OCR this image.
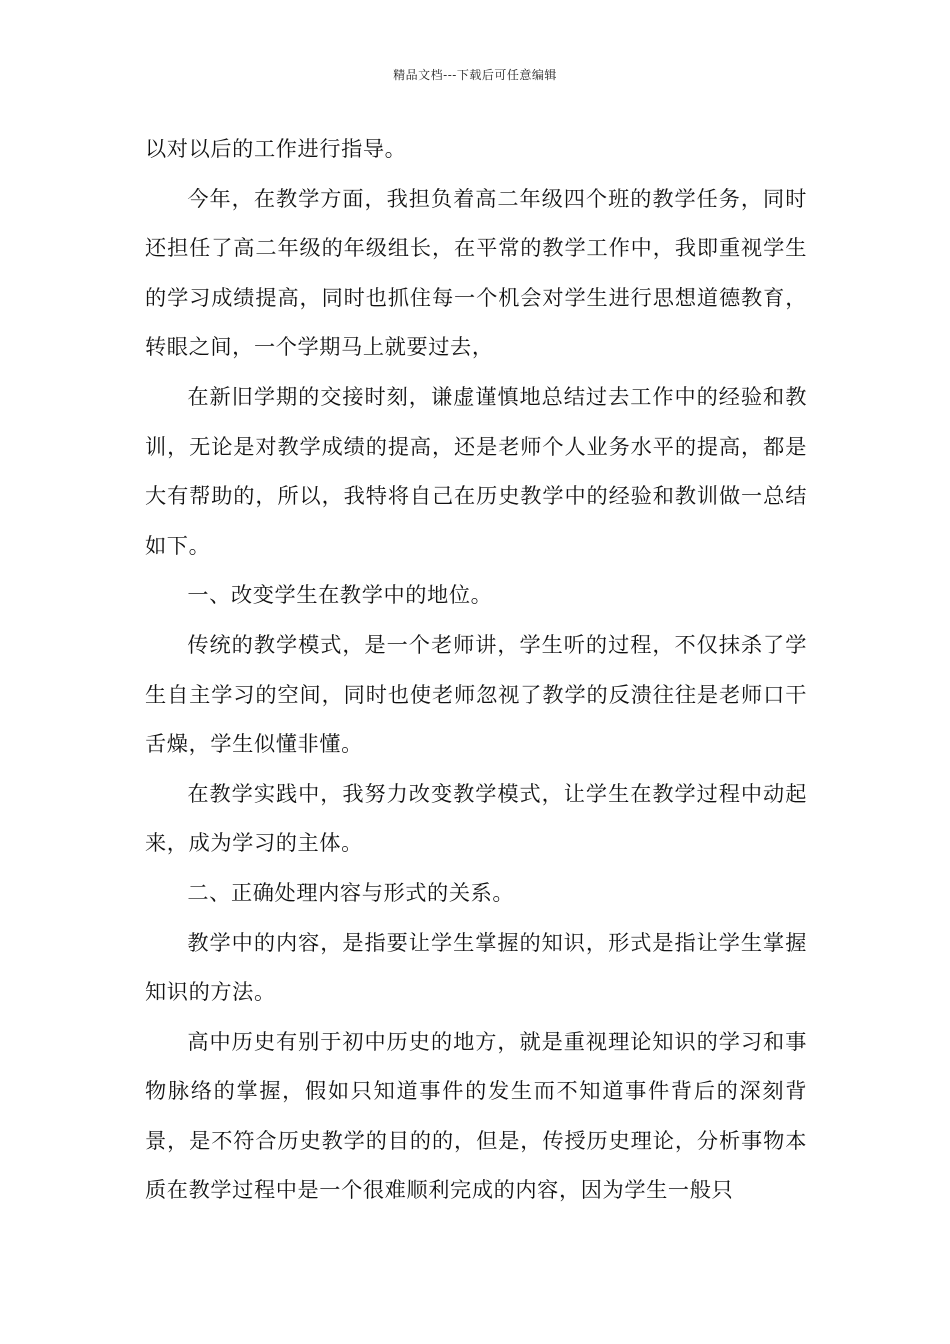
精品文档---下载后可任意编辑

以对以后的工作进行指导。

今年，在教学方面，我担负着高二年级四个班的教学任务，同时还担任了高二年级的年级组长，在平常的教学工作中，我即重视学生的学习成绩提高，同时也抓住每一个机会对学生进行思想道德教育，转眼之间，一个学期马上就要过去，

在新旧学期的交接时刻，谦虚谨慎地总结过去工作中的经验和教训，无论是对教学成绩的提高，还是老师个人业务水平的提高，都是大有帮助的，所以，我特将自己在历史教学中的经验和教训做一总结如下。

一、改变学生在教学中的地位。

传统的教学模式，是一个老师讲，学生听的过程，不仅抹杀了学生自主学习的空间，同时也使老师忽视了教学的反溃往往是老师口干舌燥，学生似懂非懂。

在教学实践中，我努力改变教学模式，让学生在教学过程中动起来，成为学习的主体。

二、正确处理内容与形式的关系。

教学中的内容，是指要让学生掌握的知识，形式是指让学生掌握知识的方法。

高中历史有别于初中历史的地方，就是重视理论知识的学习和事物脉络的掌握，假如只知道事件的发生而不知道事件背后的深刻背景，是不符合历史教学的目的的，但是，传授历史理论，分析事物本质在教学过程中是一个很难顺利完成的内容，因为学生一般只
